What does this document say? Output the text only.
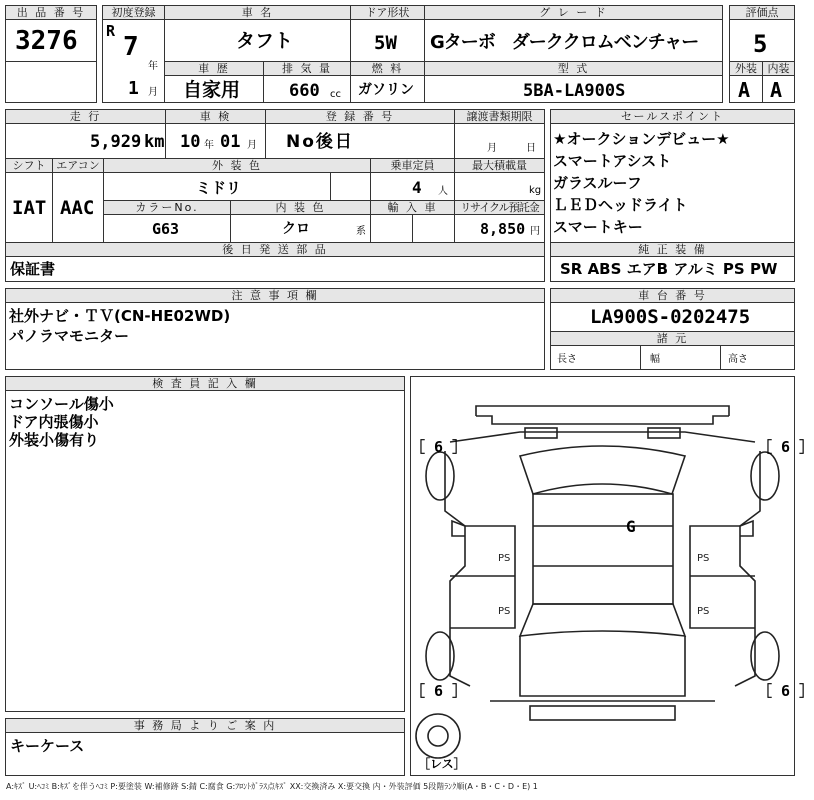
出 品 番 号
3276
初度登録
R
7
年
1 月
車 名
タフト
ドア形状
5W
グ レ ー ド
Gターボ　ダーククロムベンチャー
評価点
5
車 歴
自家用
排 気 量
660 cc
燃 料
ガソリン
型 式
5BA-LA900S
外装
A
内装
A
走 行
5,929 km
車 検
10 年 01 月
登 録 番 号
No後日
譲渡書類期限
月	日
シフト エアコン
IAT AAC
外 装 色
ミドリ
乗車定員
4 人
最大積載量
kg
カラーNo.
G63
内 装 色
クロ	系
輸 入 車	リサイクル預託金
8,850 円
後 日 発 送 部 品
保証書
セールスポイント
★オークションデビュー★
スマートアシスト
ガラスルーフ
ＬＥＤヘッドライト
スマートキー
純 正 装 備
SR ABS エアB アルミ PS PW
注 意 事 項 欄
社外ナビ・ＴＶ(CN-HE02WD)
パノラマモニター
車 台 番 号
LA900S-0202475
諸 元
長さ	幅	高さ
検 査 員 記 入 欄
コンソール傷小
ドア内張傷小
外装小傷有り
PS	PS
PS	PS
G
［ 6 ］	［ 6 ］
［ 6 ］	［ 6 ］
［レス］
事 務 局 よ り ご 案 内
キーケース
A:ｷｽﾞ U:ﾍｺﾐ B:ｷｽﾞを伴うﾍｺﾐ P:要塗装 W:補修跡 S:錆 C:腐食 G:ﾌﾛﾝﾄｶﾞﾗｽ点ｷｽﾞ XX:交換済み X:要交換 内・外装評価 5段階ﾗﾝｸ順(A・B・C・D・E) 1
